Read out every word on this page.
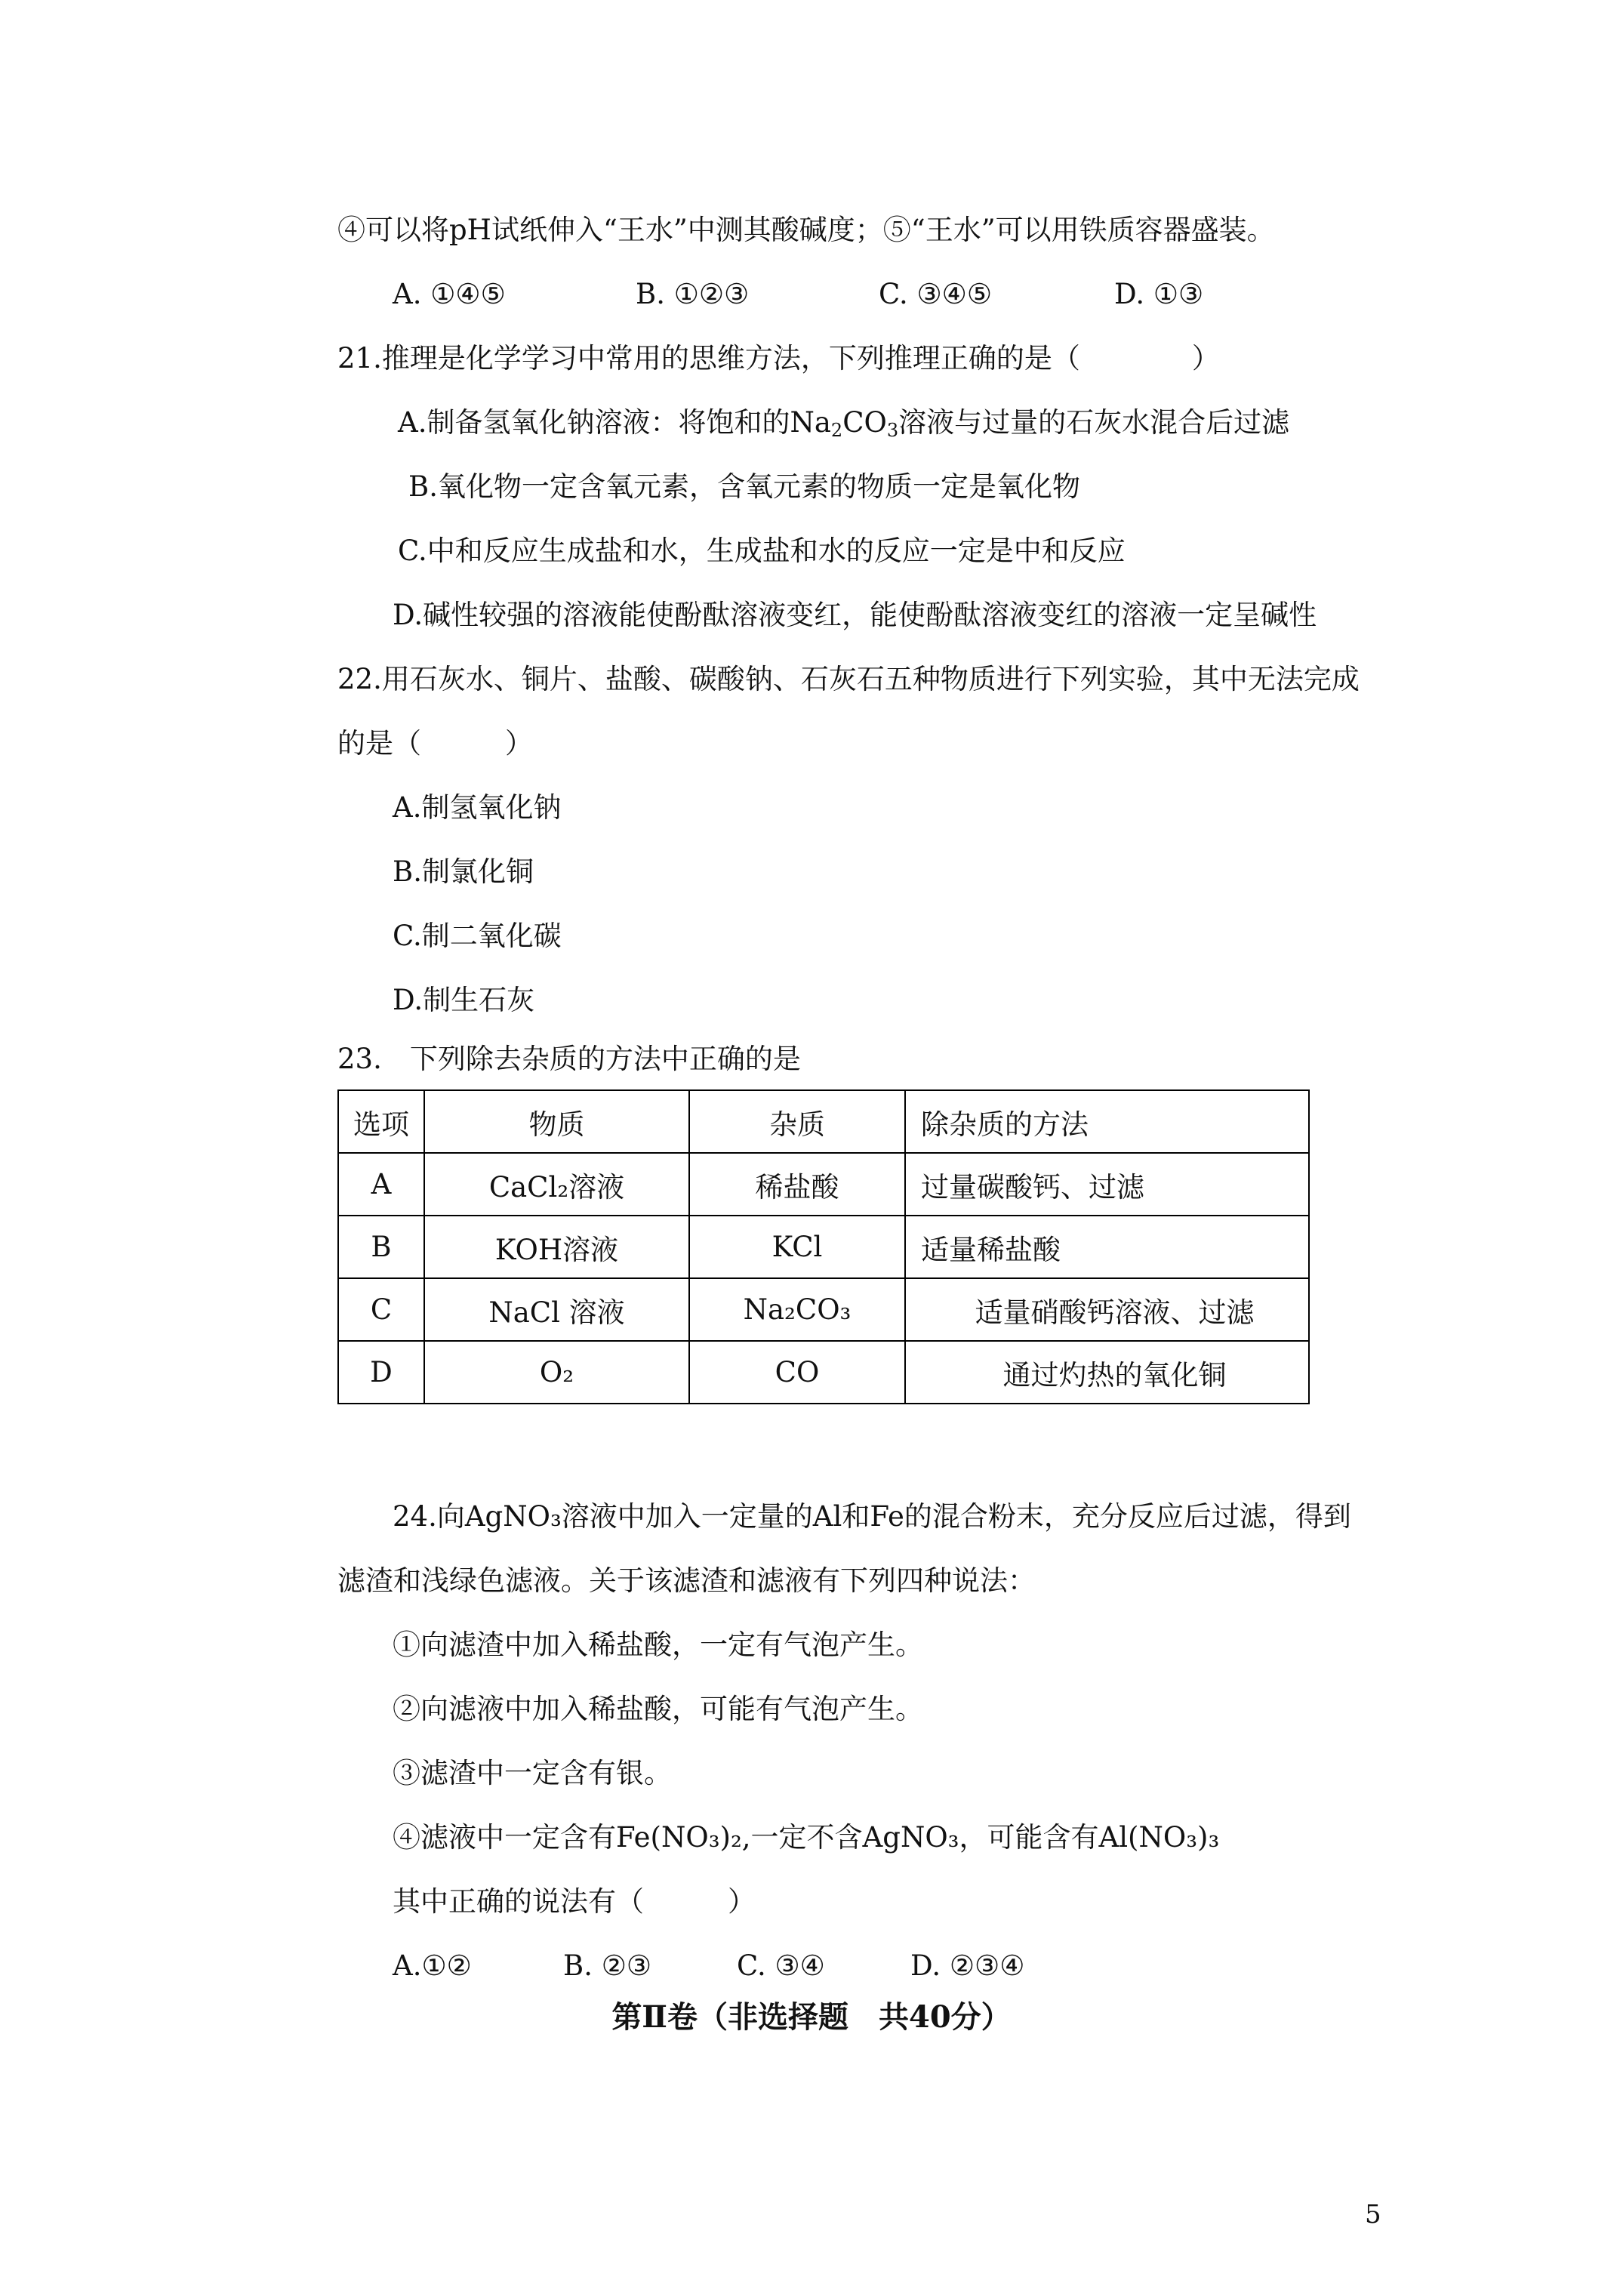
④可以将pH试纸伸入“王水”中测其酸碱度；⑤“王水”可以用铁质容器盛装。
A. ①④⑤	B. ①②③	C. ③④⑤	D. ①③
21.推理是化学学习中常用的思维方法，下列推理正确的是（　　　　）
A.制备氢氧化钠溶液：将饱和的$Na_2CO_3$溶液与过量的石灰水混合后过滤
B.氧化物一定含氧元素，含氧元素的物质一定是氧化物
C.中和反应生成盐和水，生成盐和水的反应一定是中和反应
D.碱性较强的溶液能使酚酞溶液变红，能使酚酞溶液变红的溶液一定呈碱性
22.用石灰水、铜片、盐酸、碳酸钠、石灰石五种物质进行下列实验，其中无法完成
的是（　　　）
A.制氢氧化钠
B.制氯化铜
C.制二氧化碳
D.制生石灰
23.　下列除去杂质的方法中正确的是
选项	物质	杂质	除杂质的方法
A	CaCl₂溶液	稀盐酸	过量碳酸钙、过滤
B	KOH溶液	KCl	适量稀盐酸
C	NaCl 溶液	Na₂CO₃	适量硝酸钙溶液、过滤
D	O₂	CO	通过灼热的氧化铜
24.向AgNO₃溶液中加入一定量的Al和Fe的混合粉末，充分反应后过滤，得到
滤渣和浅绿色滤液。关于该滤渣和滤液有下列四种说法：
①向滤渣中加入稀盐酸，一定有气泡产生。
②向滤液中加入稀盐酸，可能有气泡产生。
③滤渣中一定含有银。
④滤液中一定含有Fe(NO₃)₂,一定不含AgNO₃，可能含有Al(NO₃)₃
其中正确的说法有（　　　）
A.①②	B. ②③	C. ③④	D. ②③④
第Ⅱ卷（非选择题　共40分）
5
